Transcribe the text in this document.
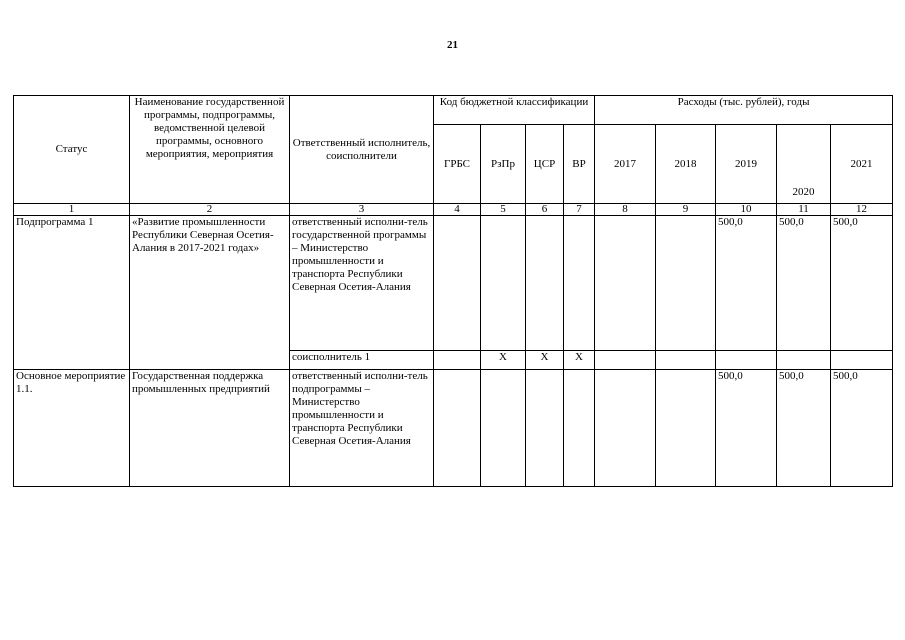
21
Статус	Наименование государственной программы, подпрограммы, ведомственной целевой программы, основного мероприятия, мероприятия	Ответственный исполнитель, соисполнители	Код бюджетной классификации				Расходы (тыс. рублей), годы				
			ГРБС	РзПр	ЦСР	ВР	2017	2018	2019	2020	2021
1	2	3	4	5	6	7	8	9	10	11	12
Подпрограмма 1	«Развитие промышленности Республики Северная Осетия-Алания в 2017-2021 годах»	ответственный исполни-тель государственной программы – Министерство промышленности и транспорта Республики Северная Осетия-Алания							500,0	500,0	500,0
		соисполнитель 1		Х	Х	Х					
Основное мероприятие 1.1.	Государственная поддержка промышленных предприятий	ответственный исполни-тель подпрограммы – Министерство промышленности и транспорта Республики Северная Осетия-Алания							500,0	500,0	500,0
